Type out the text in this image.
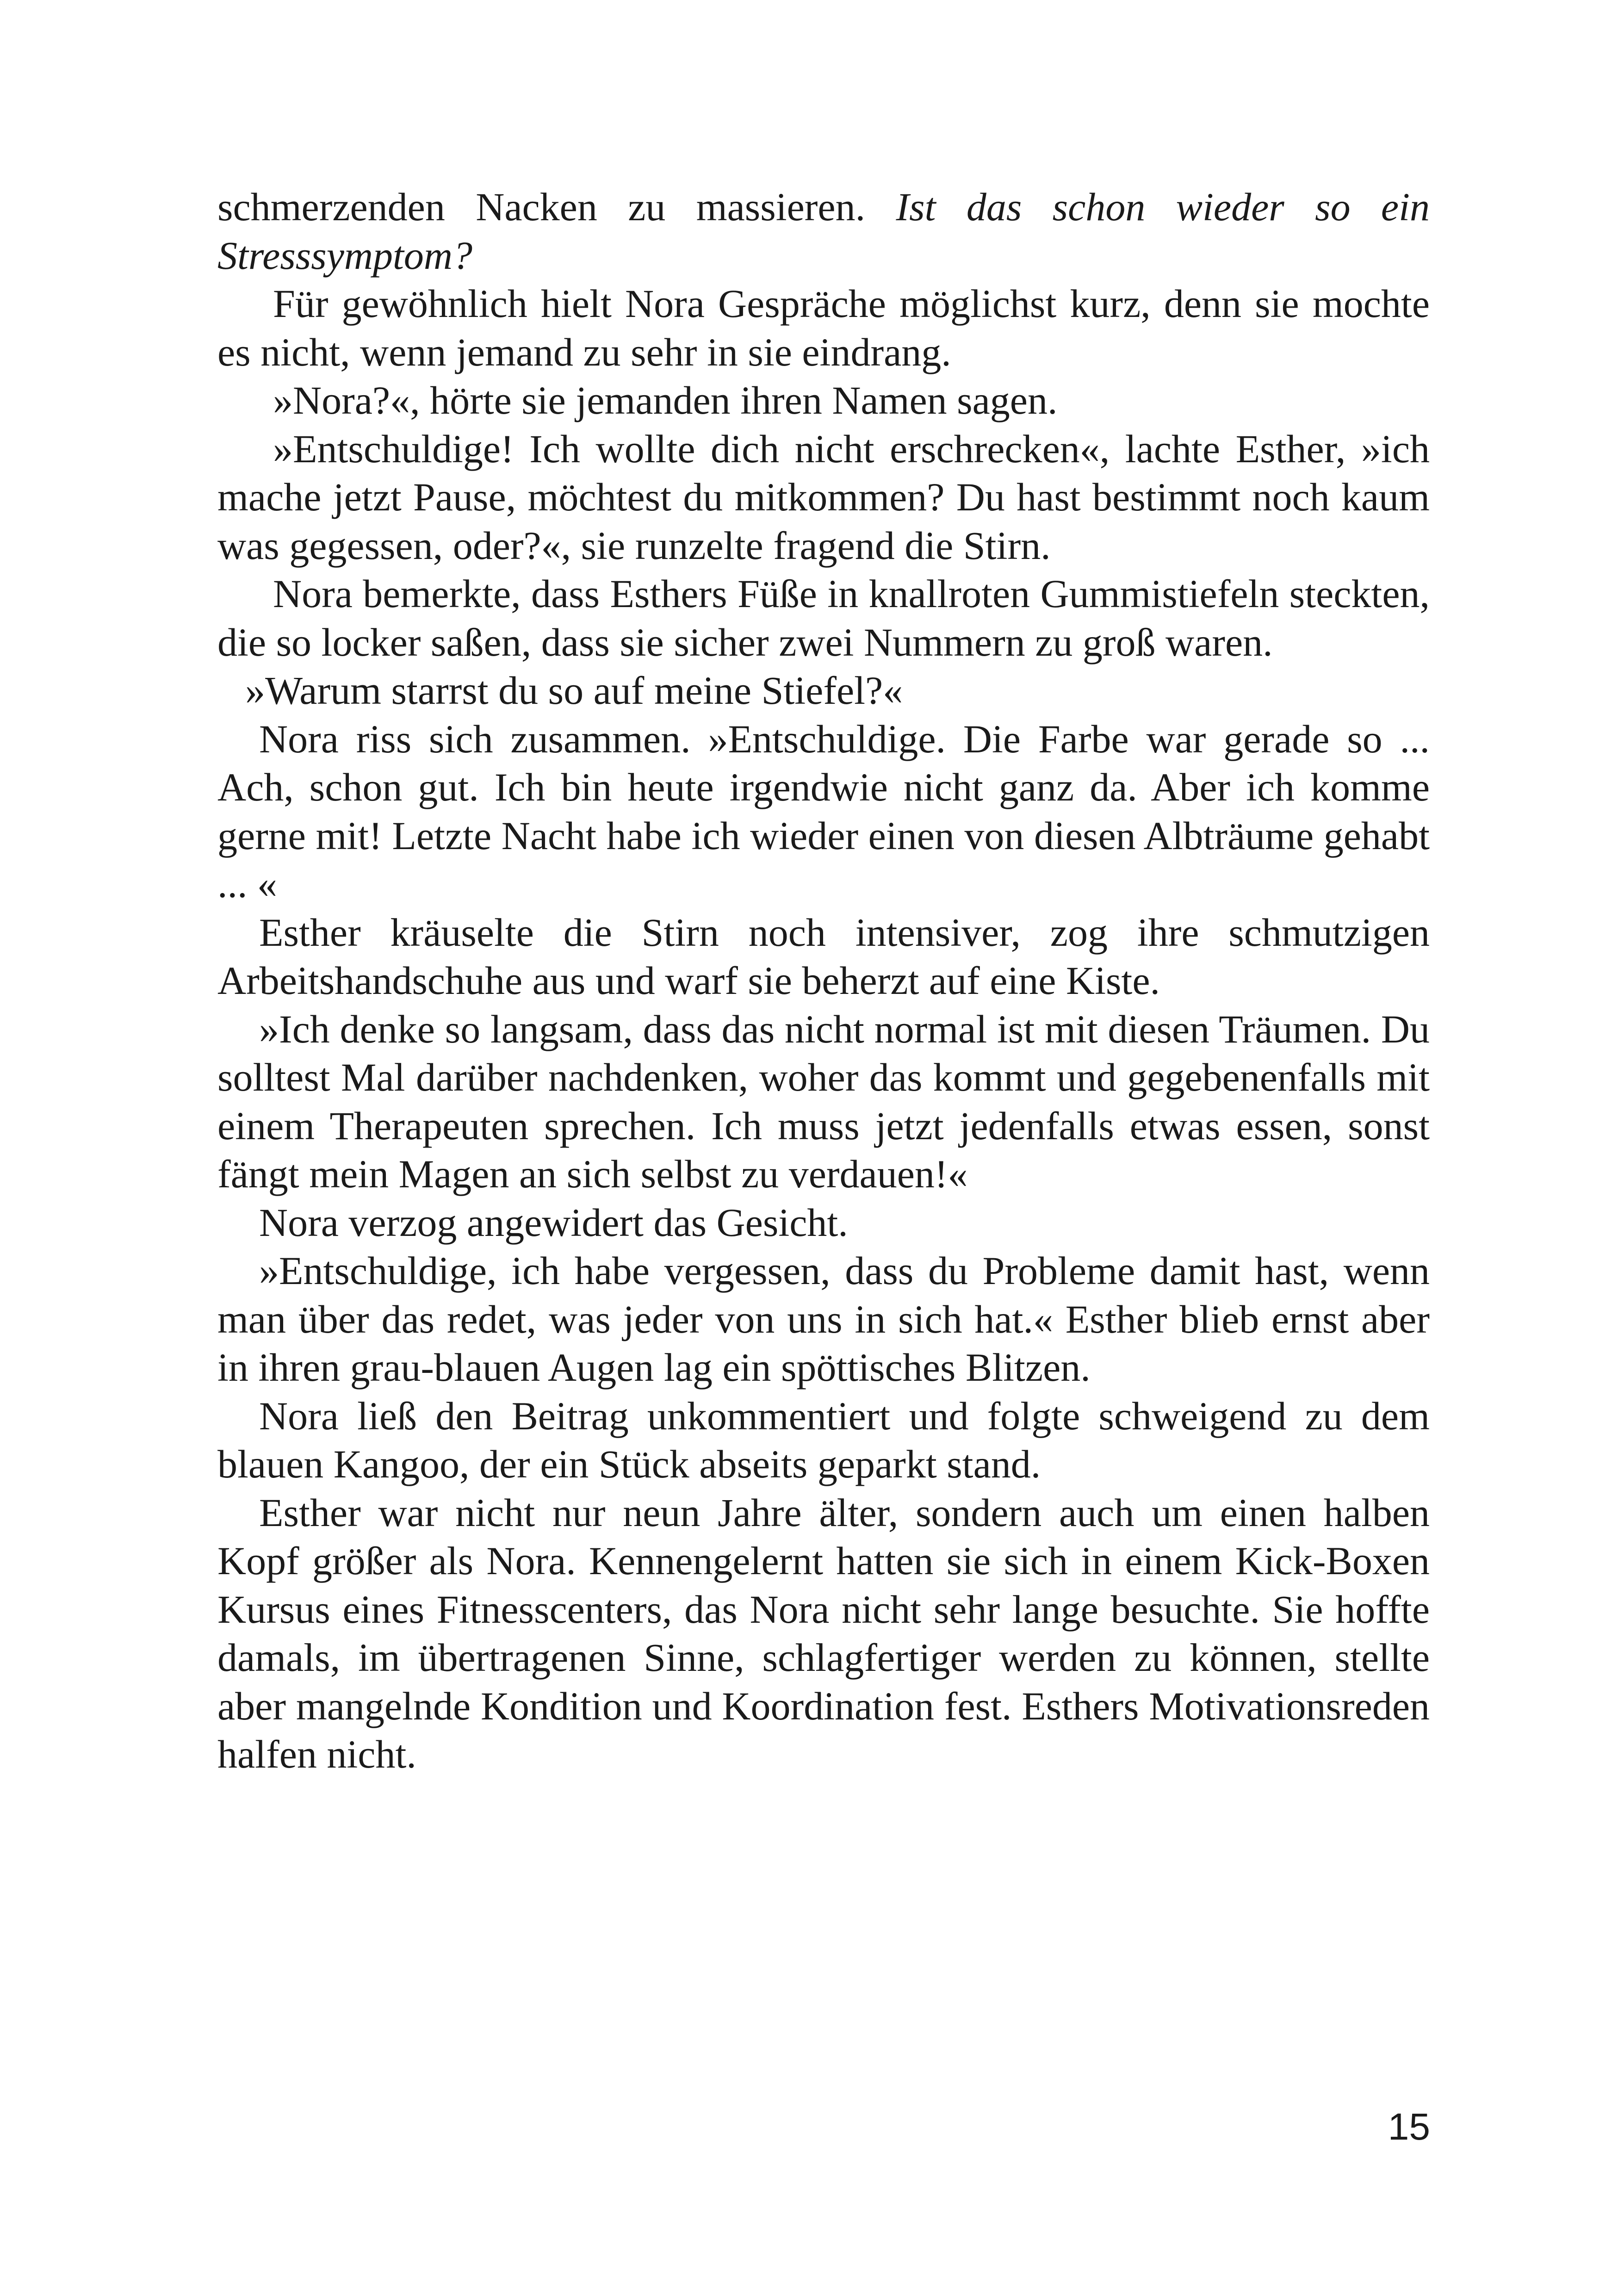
schmerzenden Nacken zu massieren. Ist das schon wieder so ein Stresssymptom?

Für gewöhnlich hielt Nora Gespräche möglichst kurz, denn sie mochte es nicht, wenn jemand zu sehr in sie eindrang.

»Nora?«, hörte sie jemanden ihren Namen sagen.

»Entschuldige! Ich wollte dich nicht erschrecken«, lachte Esther, »ich mache jetzt Pause, möchtest du mitkommen? Du hast bestimmt noch kaum was gegessen, oder?«, sie runzelte fragend die Stirn.

Nora bemerkte, dass Esthers Füße in knallroten Gummistiefeln steckten, die so locker saßen, dass sie sicher zwei Nummern zu groß waren.

»Warum starrst du so auf meine Stiefel?«

Nora riss sich zusammen. »Entschuldige. Die Farbe war gerade so ... Ach, schon gut. Ich bin heute irgendwie nicht ganz da. Aber ich komme gerne mit! Letzte Nacht habe ich wieder einen von diesen Albträume gehabt ... «

Esther kräuselte die Stirn noch intensiver, zog ihre schmutzigen Arbeitshandschuhe aus und warf sie beherzt auf eine Kiste.

»Ich denke so langsam, dass das nicht normal ist mit diesen Träumen. Du solltest Mal darüber nachdenken, woher das kommt und gegebenenfalls mit einem Therapeuten sprechen. Ich muss jetzt jedenfalls etwas essen, sonst fängt mein Magen an sich selbst zu verdauen!«

Nora verzog angewidert das Gesicht.

»Entschuldige, ich habe vergessen, dass du Probleme damit hast, wenn man über das redet, was jeder von uns in sich hat.« Esther blieb ernst aber in ihren grau-blauen Augen lag ein spöttisches Blitzen.

Nora ließ den Beitrag unkommentiert und folgte schweigend zu dem blauen Kangoo, der ein Stück abseits geparkt stand.

Esther war nicht nur neun Jahre älter, sondern auch um einen halben Kopf größer als Nora. Kennengelernt hatten sie sich in einem Kick-Boxen Kursus eines Fitnesscenters, das Nora nicht sehr lange besuchte. Sie hoffte damals, im übertragenen Sinne, schlagfertiger werden zu können, stellte aber mangelnde Kondition und Koordination fest. Esthers Motivationsreden halfen nicht.

15
